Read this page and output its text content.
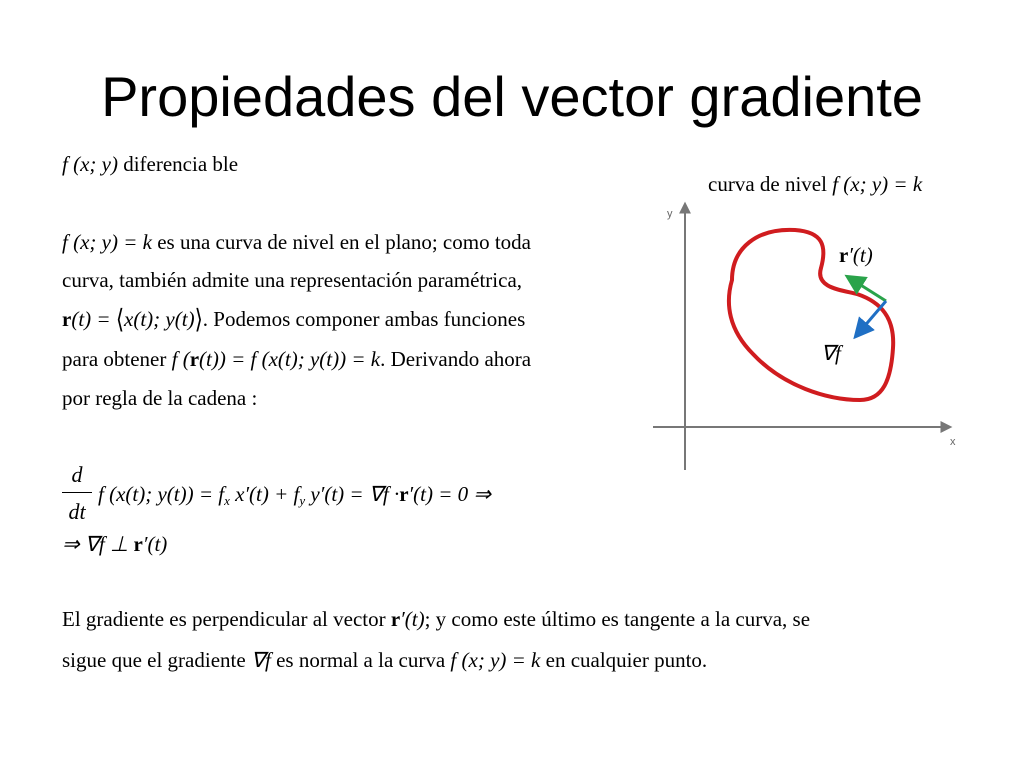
Propiedades del vector gradiente
f (x; y) diferencia ble
f (x; y) = k es una curva de nivel en el plano; como toda
curva, también admite una representación paramétrica,
r(t) = ⟨x(t); y(t)⟩. Podemos componer ambas funciones
para obtener f (r(t)) = f (x(t); y(t)) = k. Derivando ahora
por regla de la cadena :
d
dt
f (x(t); y(t)) = fx x′(t) + fy y′(t) = ∇f ·r′(t) = 0 ⇒
⇒ ∇f ⊥ r′(t)
El gradiente es perpendicular al vector r′(t); y como este último es tangente a la curva, se
sigue que el gradiente ∇f es normal a la curva f (x; y) = k en cualquier punto.
curva de nivel f (x; y) = k
x
y
r′(t)
∇f
